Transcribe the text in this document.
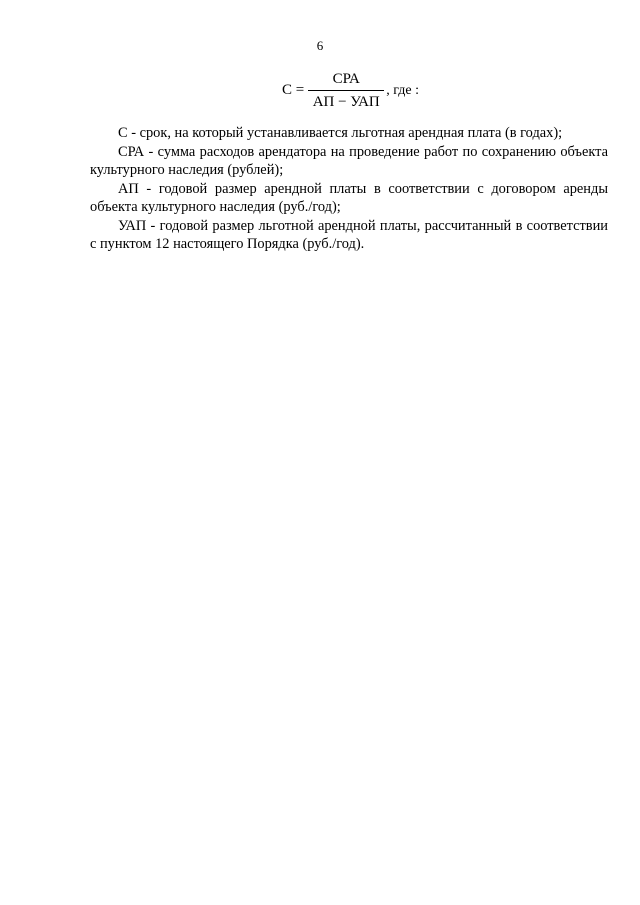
6
$С = \frac{\text{СРА}}{\text{АП − УАП}}$ , где :

С - срок, на который устанавливается льготная арендная плата (в годах);

СРА - сумма расходов арендатора на проведение работ по сохранению объекта культурного наследия (рублей);

АП - годовой размер арендной платы в соответствии с договором аренды объекта культурного наследия (руб./год);

УАП - годовой размер льготной арендной платы, рассчитанный в соответствии с пунктом 12 настоящего Порядка (руб./год).
